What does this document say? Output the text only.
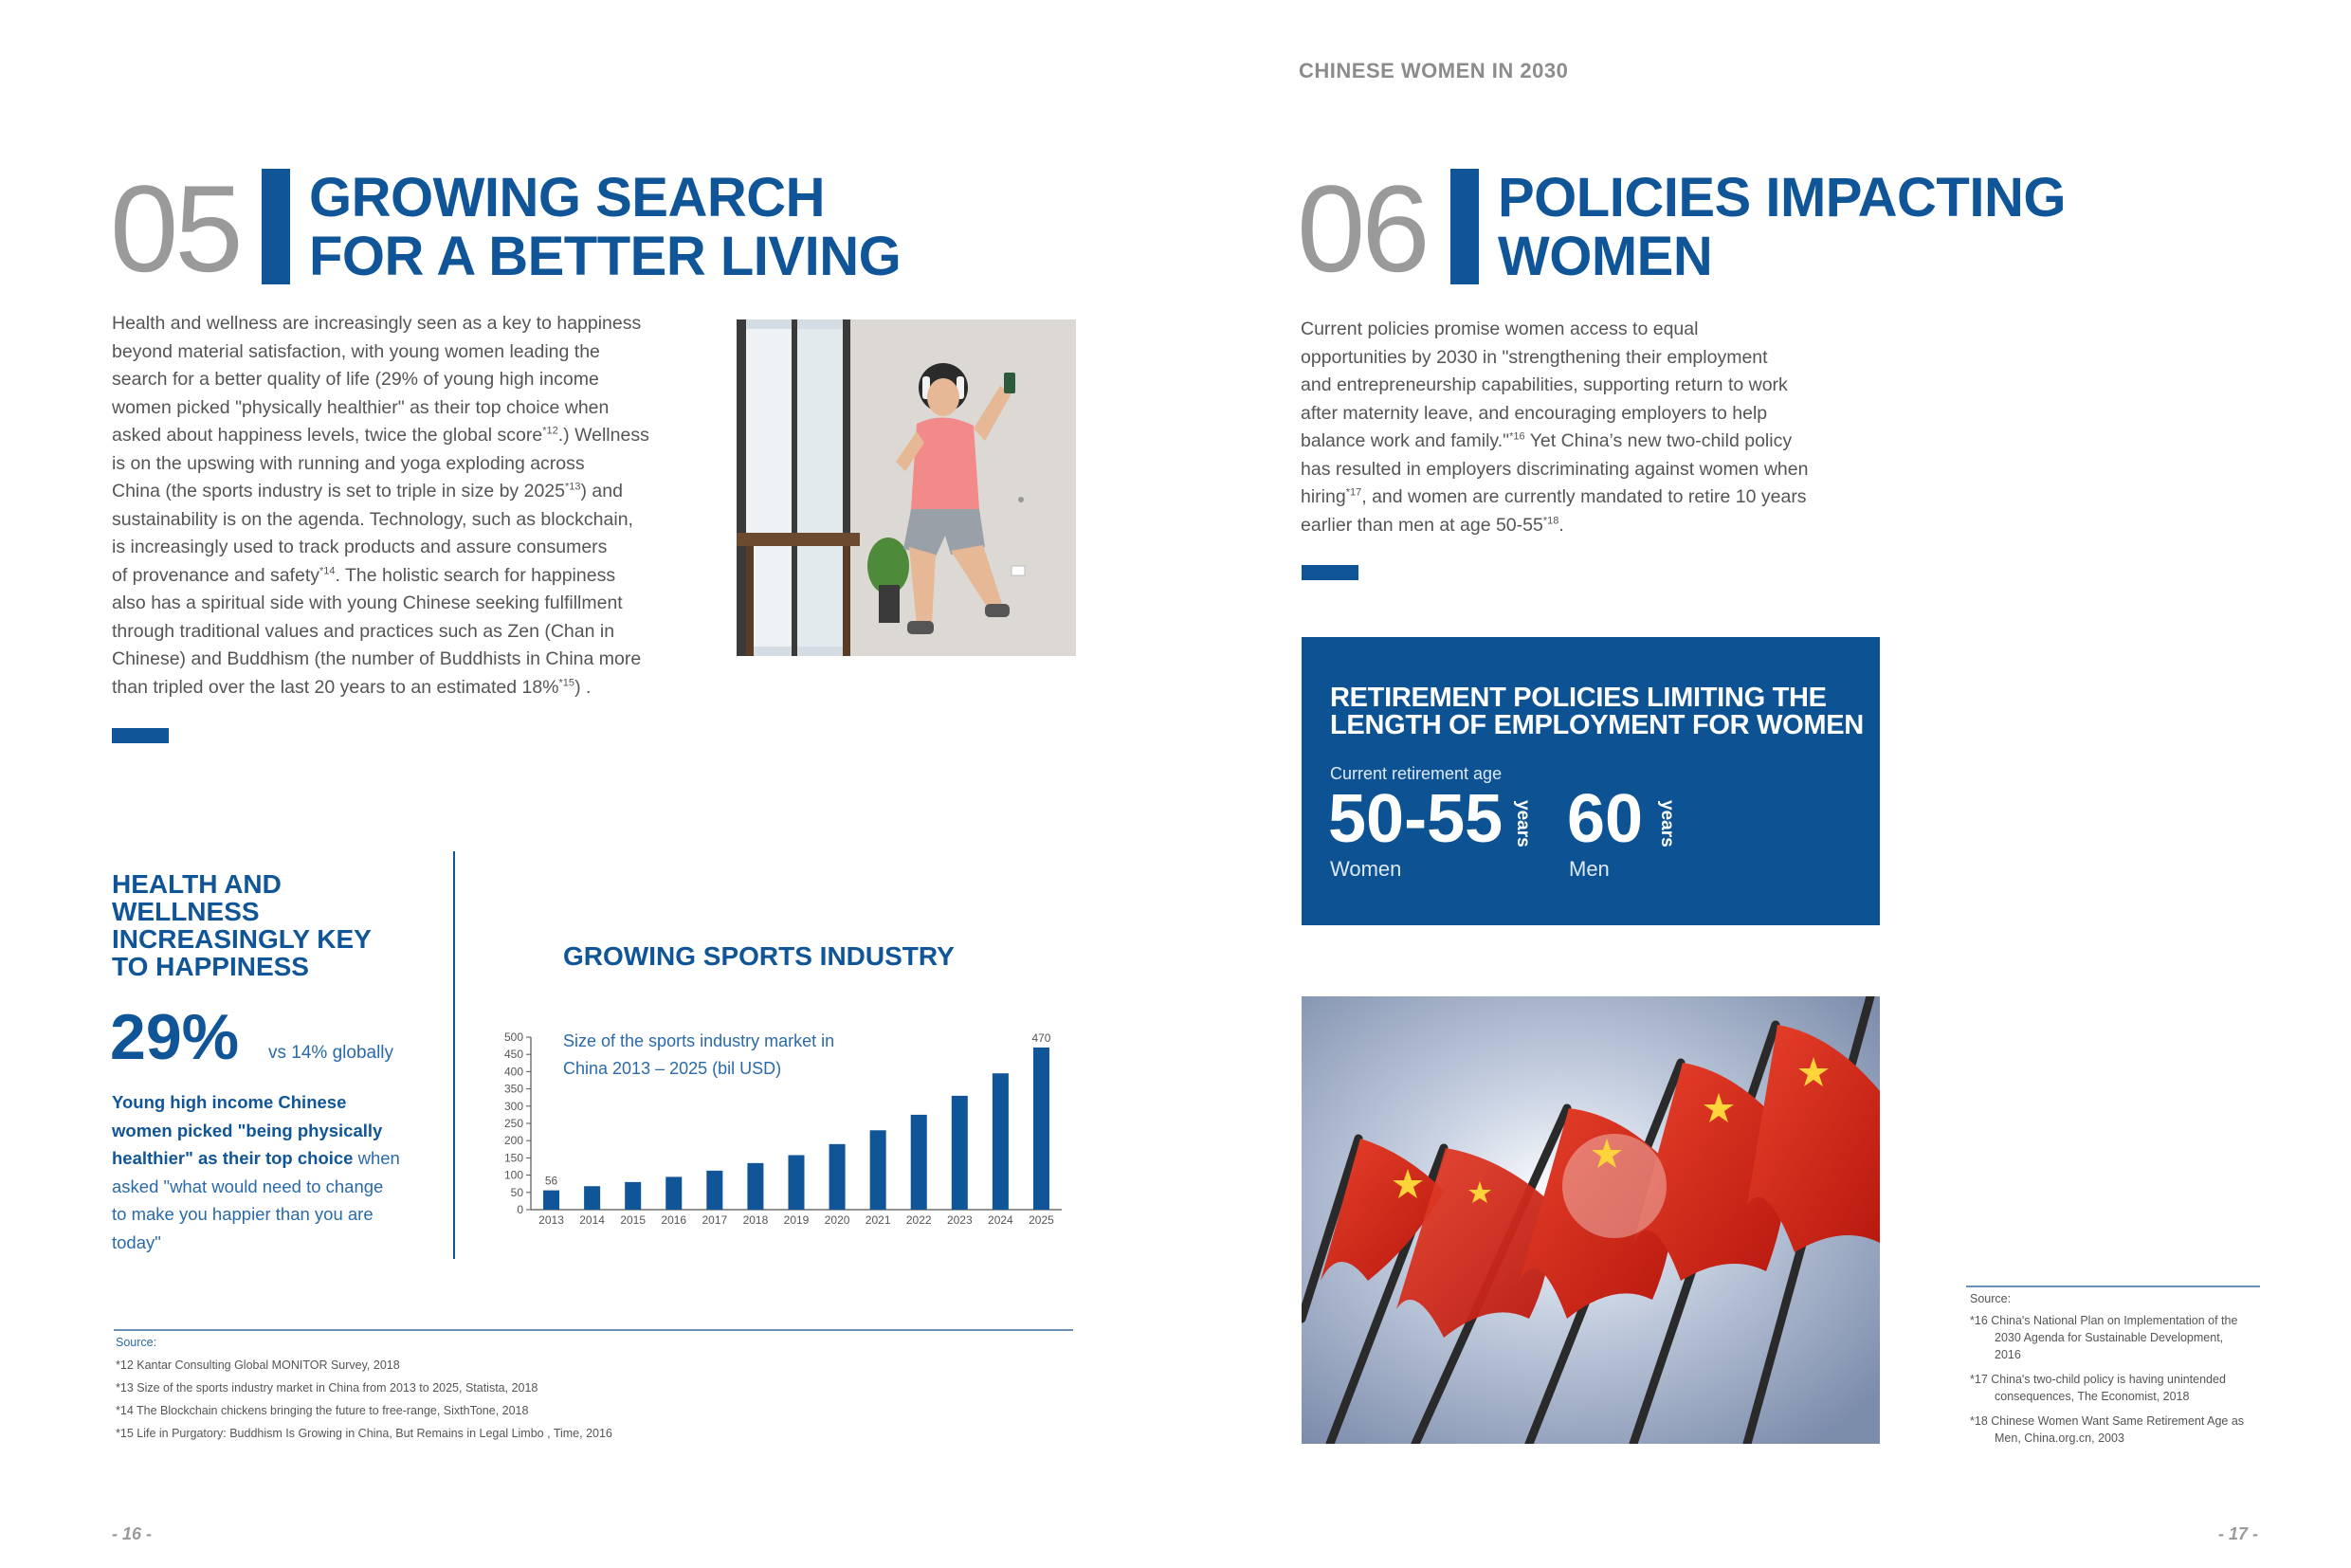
CHINESE WOMEN IN 2030
05 GROWING SEARCH
FOR A BETTER LIVING
Health and wellness are increasingly seen as a key to happiness
beyond material satisfaction, with young women leading the
search for a better quality of life (29% of young high income
women picked "physically healthier" as their top choice when
asked about happiness levels, twice the global score$^{*12}$.) Wellness
is on the upswing with running and yoga exploding across
China (the sports industry is set to triple in size by 2025$^{*13}$) and
sustainability is on the agenda. Technology, such as blockchain,
is increasingly used to track products and assure consumers
of provenance and safety$^{*14}$. The holistic search for happiness
also has a spiritual side with young Chinese seeking fulfillment
through traditional values and practices such as Zen (Chan in
Chinese) and Buddhism (the number of Buddhists in China more
than tripled over the last 20 years to an estimated 18%$^{*15}$) .
HEALTH AND
WELLNESS
INCREASINGLY KEY
TO HAPPINESS
29% vs 14% globally
Young high income Chinese
women picked "being physically
healthier" as their top choice when
asked "what would need to change
to make you happier than you are
today"
GROWING SPORTS INDUSTRY
Size of the sports industry market in
China 2013 – 2025 (bil USD)
0
50
100
150
200
250
300
350
400
450
500
2013 2014 2015 2016 2017 2018 2019 2020 2021 2022 2023 2024 2025
56
470
Source:
*12 Kantar Consulting Global MONITOR Survey, 2018
*13 Size of the sports industry market in China from 2013 to 2025, Statista, 2018
*14 The Blockchain chickens bringing the future to free-range, SixthTone, 2018
*15 Life in Purgatory: Buddhism Is Growing in China, But Remains in Legal Limbo , Time, 2016
- 16 -
06 POLICIES IMPACTING
WOMEN
Current policies promise women access to equal
opportunities by 2030 in "strengthening their employment
and entrepreneurship capabilities, supporting return to work
after maternity leave, and encouraging employers to help
balance work and family."$^{*16}$ Yet China’s new two-child policy
has resulted in employers discriminating against women when
hiring$^{*17}$, and women are currently mandated to retire 10 years
earlier than men at age 50-55$^{*18}$.
RETIREMENT POLICIES LIMITING THE
LENGTH OF EMPLOYMENT FOR WOMEN
Current retirement age
50-55 years 60 years
Women	Men
Source:
*16 China's National Plan on Implementation of the
2030 Agenda for Sustainable Development,
2016
*17 China's two-child policy is having unintended
consequences, The Economist, 2018
*18 Chinese Women Want Same Retirement Age as
Men, China.org.cn, 2003
- 17 -
